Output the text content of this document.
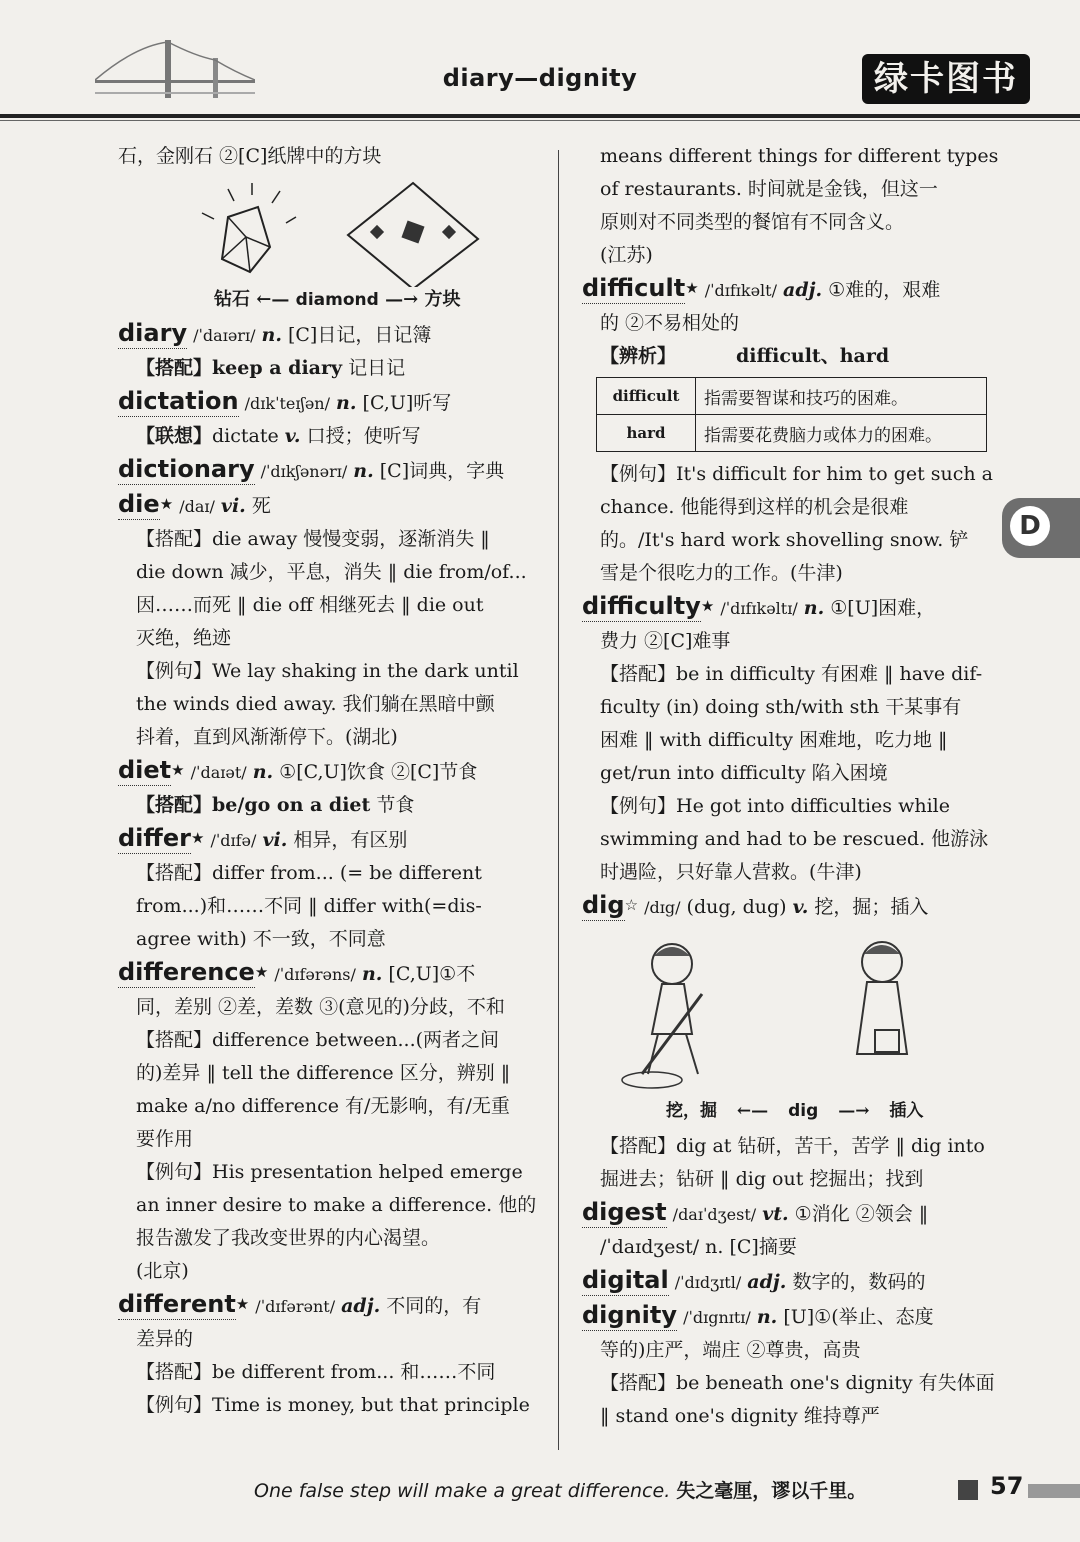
diary—dignity	绿卡图书
石，金刚石 ②[C]纸牌中的方块
钻石 ←— diamond —→ 方块
diary /ˈdaɪərɪ/ n. [C]日记，日记簿
【搭配】keep a diary 记日记
dictation /dɪkˈteɪʃən/ n. [C,U]听写
【联想】dictate v. 口授；使听写
dictionary /ˈdɪkʃənərɪ/ n. [C]词典，字典
die★ /daɪ/ vi. 死
【搭配】die away 慢慢变弱，逐渐消失 ‖
die down 减少，平息，消失 ‖ die from/of...
因……而死 ‖ die off 相继死去 ‖ die out
灭绝，绝迹
【例句】We lay shaking in the dark until
the winds died away. 我们躺在黑暗中颤
抖着，直到风渐渐停下。(湖北)
diet★ /ˈdaɪət/ n. ①[C,U]饮食 ②[C]节食
【搭配】be/go on a diet 节食
differ★ /ˈdɪfə/ vi. 相异，有区别
【搭配】differ from... (= be different
from...)和……不同 ‖ differ with(=dis-
agree with) 不一致，不同意
difference★ /ˈdɪfərəns/ n. [C,U]①不
同，差别 ②差，差数 ③(意见的)分歧，不和
【搭配】difference between...(两者之间
的)差异 ‖ tell the difference 区分，辨别 ‖
make a/no difference 有/无影响，有/无重
要作用
【例句】His presentation helped emerge
an inner desire to make a difference. 他的
报告激发了我改变世界的内心渴望。
(北京)
different★ /ˈdɪfərənt/ adj. 不同的，有
差异的
【搭配】be different from... 和……不同
【例句】Time is money, but that principle
means different things for different types
of restaurants. 时间就是金钱，但这一
原则对不同类型的餐馆有不同含义。
(江苏)
difficult★ /ˈdɪfɪkəlt/ adj. ①难的，艰难
的 ②不易相处的
【辨析】	difficult、hard
difficult	指需要智谋和技巧的困难。
hard	指需要花费脑力或体力的困难。
【例句】It's difficult for him to get such a
chance. 他能得到这样的机会是很难
的。/It's hard work shovelling snow. 铲
雪是个很吃力的工作。(牛津)
difficulty★ /ˈdɪfɪkəltɪ/ n. ①[U]困难，
费力 ②[C]难事
【搭配】be in difficulty 有困难 ‖ have dif-
ficulty (in) doing sth/with sth 干某事有
困难 ‖ with difficulty 困难地，吃力地 ‖
get/run into difficulty 陷入困境
【例句】He got into difficulties while
swimming and had to be rescued. 他游泳
时遇险，只好靠人营救。(牛津)
dig☆ /dɪg/ (dug, dug) v. 挖，掘；插入
挖，掘 ←— dig —→ 插入
【搭配】dig at 钻研，苦干，苦学 ‖ dig into
掘进去；钻研 ‖ dig out 挖掘出；找到
digest /daɪˈdʒest/ vt. ①消化 ②领会 ‖
/ˈdaɪdʒest/ n. [C]摘要
digital /ˈdɪdʒɪtl/ adj. 数字的，数码的
dignity /ˈdɪgnɪtɪ/ n. [U]①(举止、态度
等的)庄严，端庄 ②尊贵，高贵
【搭配】be beneath one's dignity 有失体面
‖ stand one's dignity 维持尊严
D
One false step will make a great difference. 失之毫厘，谬以千里。	57
